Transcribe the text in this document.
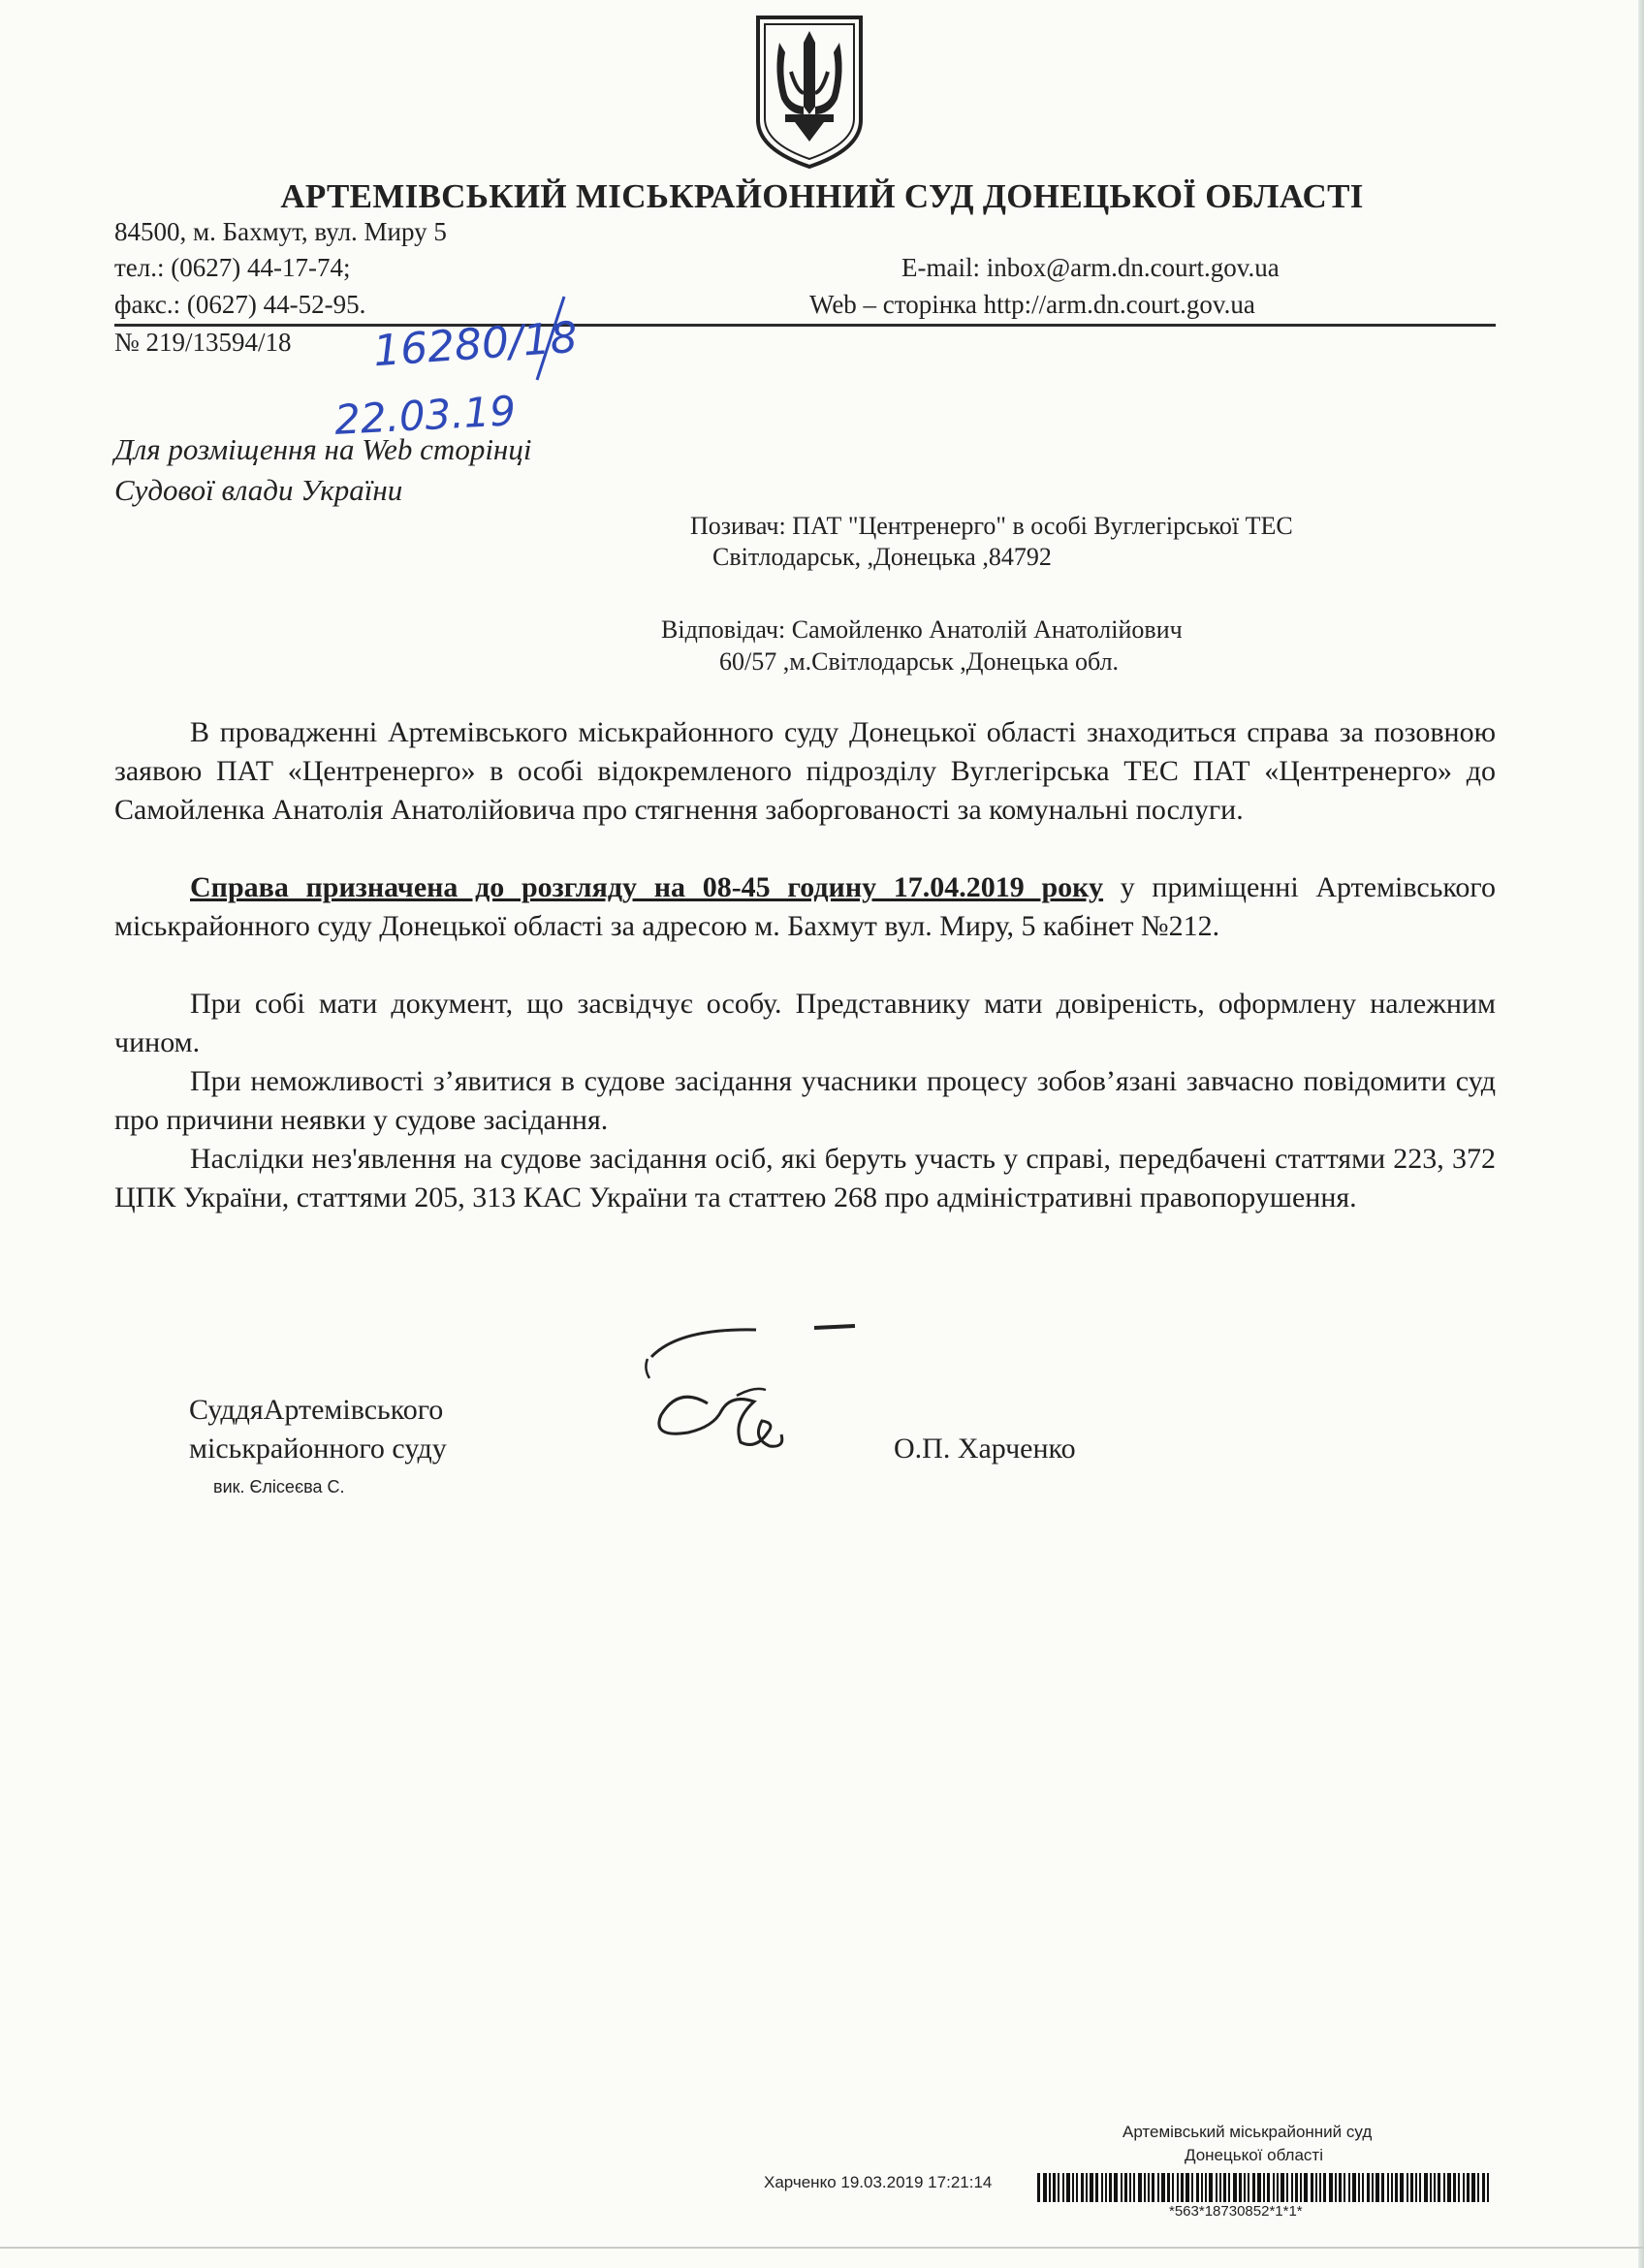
АРТЕМІВСЬКИЙ МІСЬКРАЙОННИЙ СУД ДОНЕЦЬКОЇ ОБЛАСТІ
84500, м. Бахмут, вул. Миру 5
тел.: (0627) 44-17-74;
факс.: (0627) 44-52-95.
E-mail: inbox@arm.dn.court.gov.ua
Web – сторінка http://arm.dn.court.gov.ua
№ 219/13594/18 16280/18
22.03.19
Для розміщення на Web сторінці
Судової влади України
Позивач: ПАТ "Центренерго" в особі Вуглегірської ТЕС
Світлодарськ, ,Донецька ,84792
Відповідач: Самойленко Анатолій Анатолійович
60/57 ,м.Світлодарськ ,Донецька обл.

В провадженні Артемівського міськрайонного суду Донецької області знаходиться справа за позовною заявою ПАТ «Центренерго» в особі відокремленого підрозділу Вуглегірська ТЕС ПАТ «Центренерго» до Самойленка Анатолія Анатолійовича про стягнення заборгованості за комунальні послуги.

Справа призначена до розгляду на 08-45 годину 17.04.2019 року у приміщенні Артемівського міськрайонного суду Донецької області за адресою м. Бахмут вул. Миру, 5 кабінет №212.

При собі мати документ, що засвідчує особу. Представнику мати довіреність, оформлену належним чином.

При неможливості з’явитися в судове засідання учасники процесу зобов’язані завчасно повідомити суд про причини неявки у судове засідання.

Наслідки нез'явлення на судове засідання осіб, які беруть участь у справі, передбачені статтями 223, 372 ЦПК України, статтями 205, 313 КАС України та статтею 268 про адміністративні правопорушення.

СуддяАртемівського
міськрайонного суду
вик. Єлісеєва С.
О.П. Харченко
Артемівський міськрайонний суд
Донецької області
Харченко 19.03.2019 17:21:14
*563*18730852*1*1*
